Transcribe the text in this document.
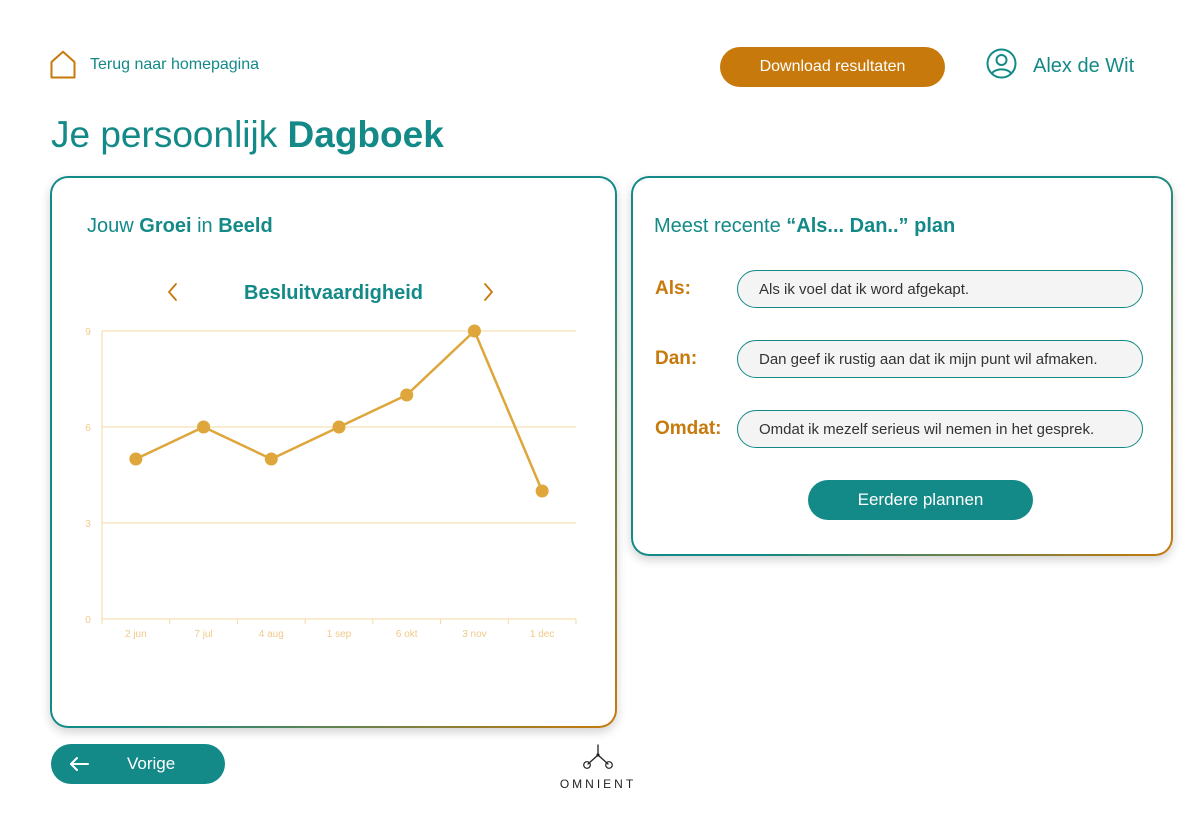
Terug naar homepagina	Download resultaten	Alex de Wit
Je persoonlijk Dagboek
Jouw Groei in Beeld
Besluitvaardigheid
0
3
6
9
2 jun	7 jul	4 aug	1 sep	6 okt	3 nov	1 dec
Meest recente “Als... Dan..” plan
Als:	Als ik voel dat ik word afgekapt.
Dan:	Dan geef ik rustig aan dat ik mijn punt wil afmaken.
Omdat:	Omdat ik mezelf serieus wil nemen in het gesprek.
Eerdere plannen
Vorige
OMNIENT
